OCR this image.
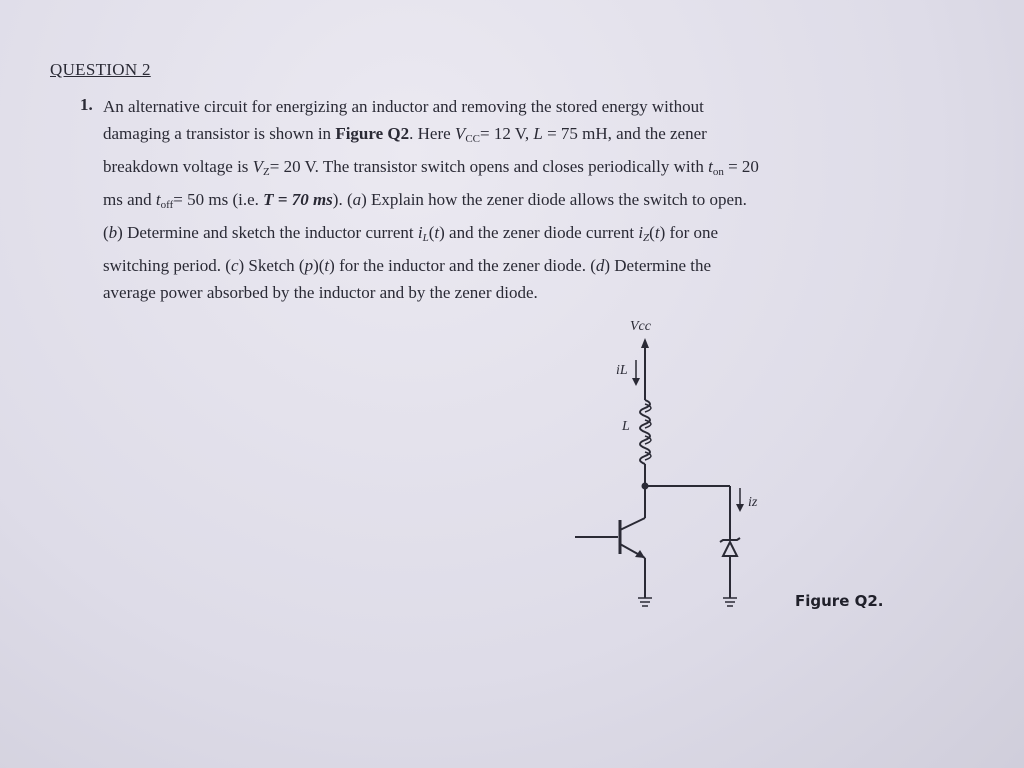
QUESTION 2
1. An alternative circuit for energizing an inductor and removing the stored energy without
damaging a transistor is shown in Figure Q2. Here $V_{CC}= 12$ V, L = 75 mH, and the zener
breakdown voltage is $V_Z= 20$ V. The transistor switch opens and closes periodically with $t_{on} = 20$
ms and $t_{off}= 50$ ms (i.e. T = 70 ms). (a) Explain how the zener diode allows the switch to open.
(b) Determine and sketch the inductor current $i_L(t)$ and the zener diode current $i_Z(t)$ for one
switching period. (c) Sketch (p)(t) for the inductor and the zener diode. (d) Determine the
average power absorbed by the inductor and by the zener diode.
Vcc
iL
L
iz
Figure Q2.
